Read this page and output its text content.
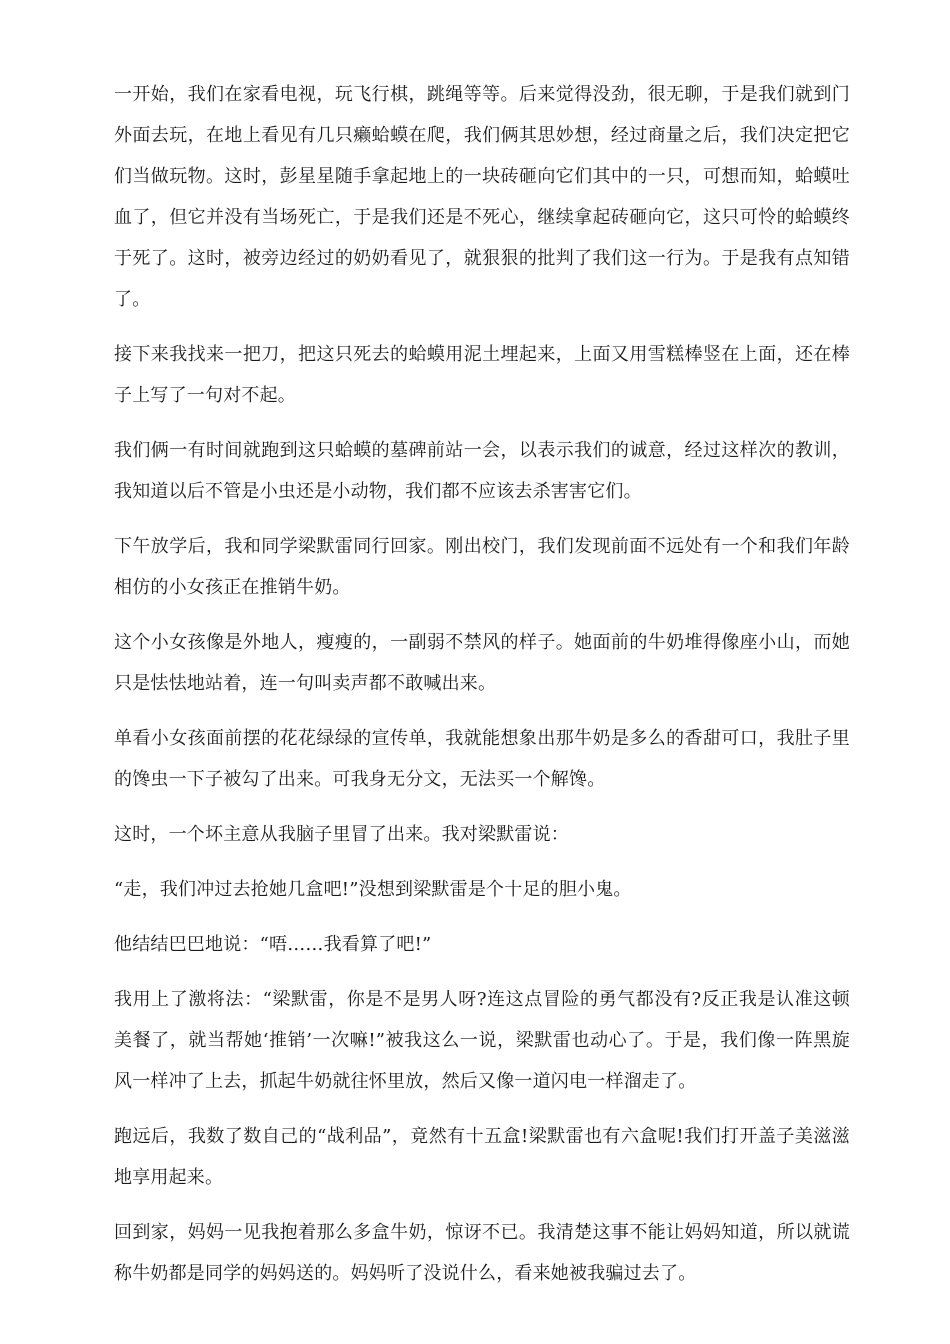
一开始，我们在家看电视，玩飞行棋，跳绳等等。后来觉得没劲，很无聊，于是我们就到门外面去玩，在地上看见有几只癞蛤蟆在爬，我们俩其思妙想，经过商量之后，我们决定把它们当做玩物。这时，彭星星随手拿起地上的一块砖砸向它们其中的一只，可想而知，蛤蟆吐血了，但它并没有当场死亡，于是我们还是不死心，继续拿起砖砸向它，这只可怜的蛤蟆终于死了。这时，被旁边经过的奶奶看见了，就狠狠的批判了我们这一行为。于是我有点知错了。

接下来我找来一把刀，把这只死去的蛤蟆用泥土埋起来，上面又用雪糕棒竖在上面，还在棒子上写了一句对不起。

我们俩一有时间就跑到这只蛤蟆的墓碑前站一会，以表示我们的诚意，经过这样次的教训，我知道以后不管是小虫还是小动物，我们都不应该去杀害害它们。

下午放学后，我和同学梁默雷同行回家。刚出校门，我们发现前面不远处有一个和我们年龄相仿的小女孩正在推销牛奶。

这个小女孩像是外地人，瘦瘦的，一副弱不禁风的样子。她面前的牛奶堆得像座小山，而她只是怯怯地站着，连一句叫卖声都不敢喊出来。

单看小女孩面前摆的花花绿绿的宣传单，我就能想象出那牛奶是多么的香甜可口，我肚子里的馋虫一下子被勾了出来。可我身无分文，无法买一个解馋。

这时，一个坏主意从我脑子里冒了出来。我对梁默雷说：

“走，我们冲过去抢她几盒吧!”没想到梁默雷是个十足的胆小鬼。

他结结巴巴地说：“唔……我看算了吧!”

我用上了激将法：“梁默雷，你是不是男人呀?连这点冒险的勇气都没有?反正我是认准这顿美餐了，就当帮她‘推销’一次嘛!”被我这么一说，梁默雷也动心了。于是，我们像一阵黑旋风一样冲了上去，抓起牛奶就往怀里放，然后又像一道闪电一样溜走了。

跑远后，我数了数自己的“战利品”，竟然有十五盒!梁默雷也有六盒呢!我们打开盖子美滋滋地享用起来。

回到家，妈妈一见我抱着那么多盒牛奶，惊讶不已。我清楚这事不能让妈妈知道，所以就谎称牛奶都是同学的妈妈送的。妈妈听了没说什么，看来她被我骗过去了。
